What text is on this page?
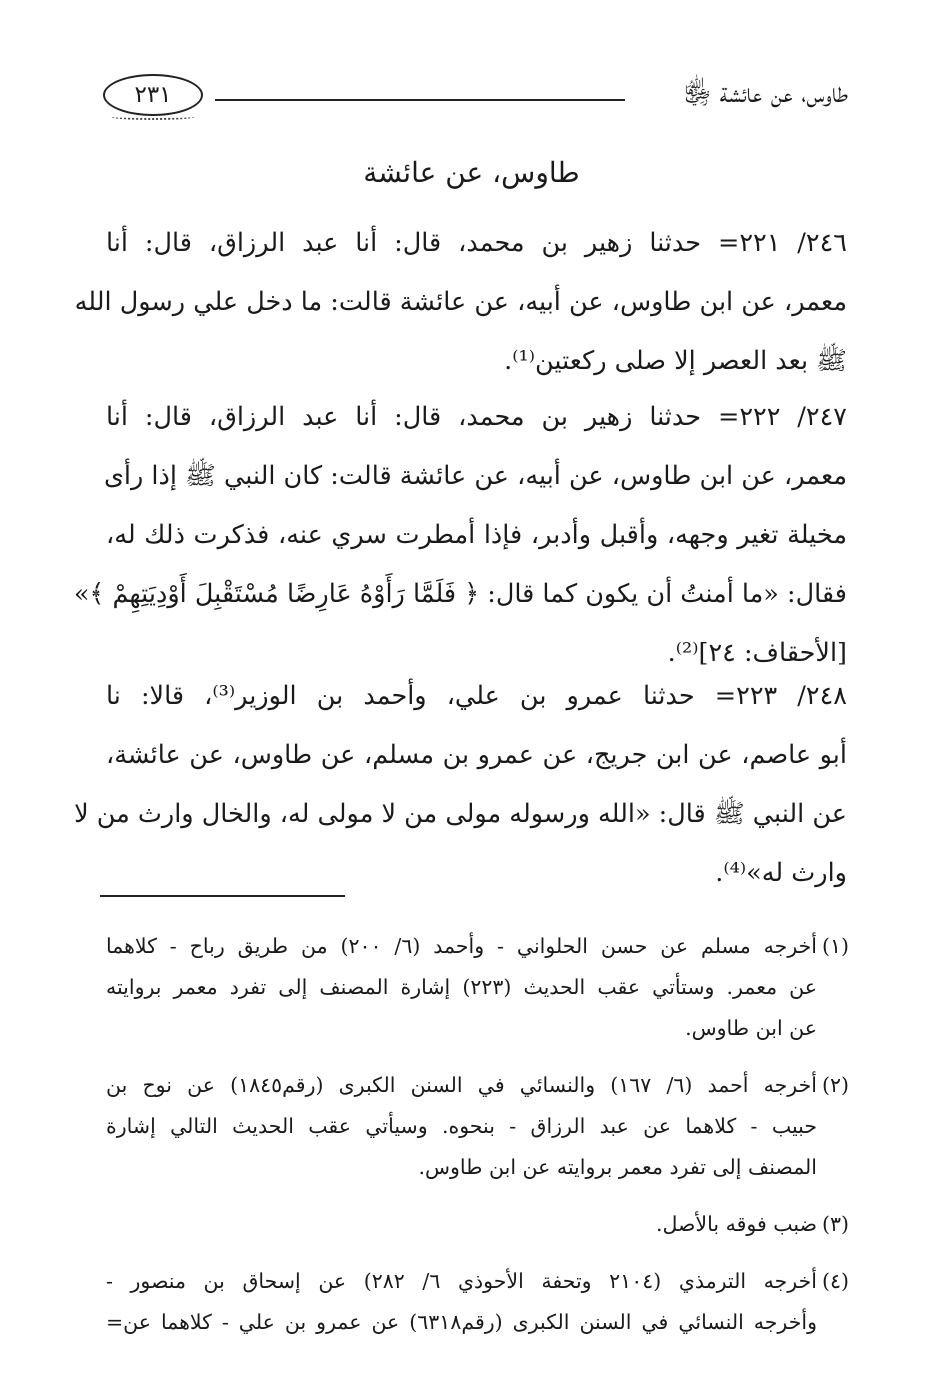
طاوس، عن عائشة ﵂
٢٣١
طاوس، عن عائشة
٢٤٦/ ٢٢١= حدثنا زهير بن محمد، قال: أنا عبد الرزاق، قال: أنا
معمر، عن ابن طاوس، عن أبيه، عن عائشة قالت: ما دخل علي رسول الله
ﷺ بعد العصر إلا صلى ركعتين⁽¹⁾.
٢٤٧/ ٢٢٢= حدثنا زهير بن محمد، قال: أنا عبد الرزاق، قال: أنا
معمر، عن ابن طاوس، عن أبيه، عن عائشة قالت: كان النبي ﷺ إذا رأى
مخيلة تغير وجهه، وأقبل وأدبر، فإذا أمطرت سري عنه، فذكرت ذلك له،
فقال: «ما أمنتُ أن يكون كما قال: ﴿ فَلَمَّا رَأَوْهُ عَارِضًا مُسْتَقْبِلَ أَوْدِيَتِهِمْ ﴾»
[الأحقاف: ٢٤]⁽²⁾.
٢٤٨/ ٢٢٣= حدثنا عمرو بن علي، وأحمد بن الوزير⁽³⁾، قالا: نا
أبو عاصم، عن ابن جريج، عن عمرو بن مسلم، عن طاوس، عن عائشة،
عن النبي ﷺ قال: «الله ورسوله مولى من لا مولى له، والخال وارث من لا
وارث له»⁽⁴⁾.
(١)
أخرجه مسلم عن حسن الحلواني - وأحمد (٦/ ٢٠٠) من طريق رباح - كلاهما
عن معمر. وستأتي عقب الحديث (٢٢٣) إشارة المصنف إلى تفرد معمر بروايته
عن ابن طاوس.
(٢)
أخرجه أحمد (٦/ ١٦٧) والنسائي في السنن الكبرى (رقم١٨٤٥) عن نوح بن
حبيب - كلاهما عن عبد الرزاق - بنحوه. وسيأتي عقب الحديث التالي إشارة
المصنف إلى تفرد معمر بروايته عن ابن طاوس.
(٣)
ضبب فوقه بالأصل.
(٤)
أخرجه الترمذي (٢١٠٤ وتحفة الأحوذي ٦/ ٢٨٢) عن إسحاق بن منصور -
وأخرجه النسائي في السنن الكبرى (رقم٦٣١٨) عن عمرو بن علي - كلاهما عن=
